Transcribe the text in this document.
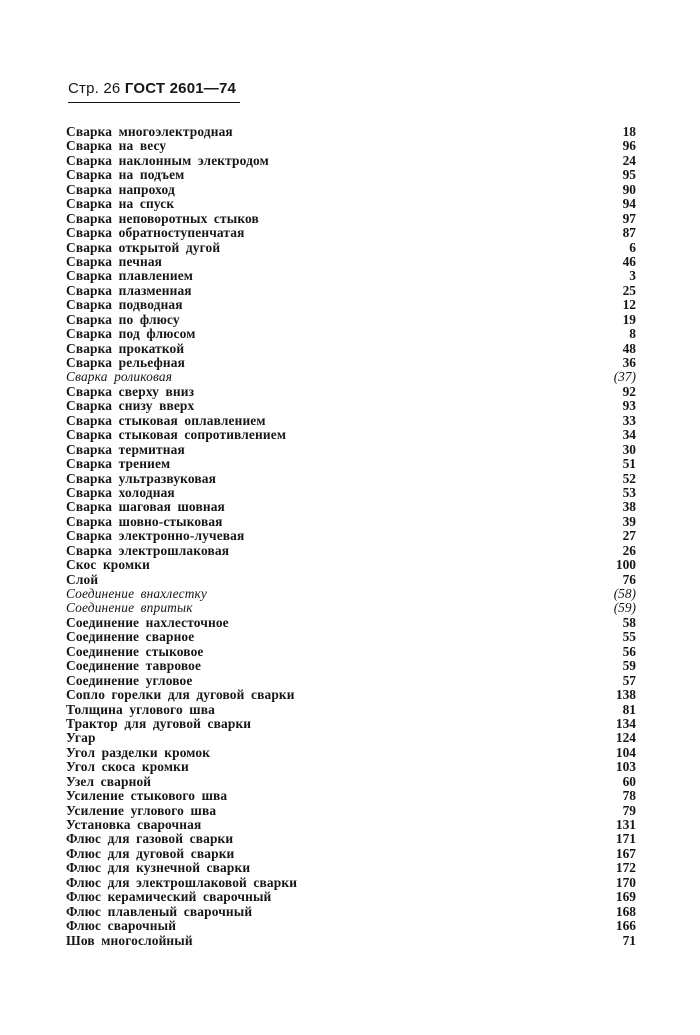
Стр. 26 ГОСТ 2601—74
Сварка многоэлектродная	18
Сварка на весу	96
Сварка наклонным электродом	24
Сварка на подъем	95
Сварка напроход	90
Сварка на спуск	94
Сварка неповоротных стыков	97
Сварка обратноступенчатая	87
Сварка открытой дугой	6
Сварка печная	46
Сварка плавлением	3
Сварка плазменная	25
Сварка подводная	12
Сварка по флюсу	19
Сварка под флюсом	8
Сварка прокаткой	48
Сварка рельефная	36
Сварка роликовая	(37)
Сварка сверху вниз	92
Сварка снизу вверх	93
Сварка стыковая оплавлением	33
Сварка стыковая сопротивлением	34
Сварка термитная	30
Сварка трением	51
Сварка ультразвуковая	52
Сварка холодная	53
Сварка шаговая шовная	38
Сварка шовно-стыковая	39
Сварка электронно-лучевая	27
Сварка электрошлаковая	26
Скос кромки	100
Слой	76
Соединение внахлестку	(58)
Соединение впритык	(59)
Соединение нахлесточное	58
Соединение сварное	55
Соединение стыковое	56
Соединение тавровое	59
Соединение угловое	57
Сопло горелки для дуговой сварки	138
Толщина углового шва	81
Трактор для дуговой сварки	134
Угар	124
Угол разделки кромок	104
Угол скоса кромки	103
Узел сварной	60
Усиление стыкового шва	78
Усиление углового шва	79
Установка сварочная	131
Флюс для газовой сварки	171
Флюс для дуговой сварки	167
Флюс для кузнечной сварки	172
Флюс для электрошлаковой сварки	170
Флюс керамический сварочный	169
Флюс плавленый сварочный	168
Флюс сварочный	166
Шов многослойный	71
